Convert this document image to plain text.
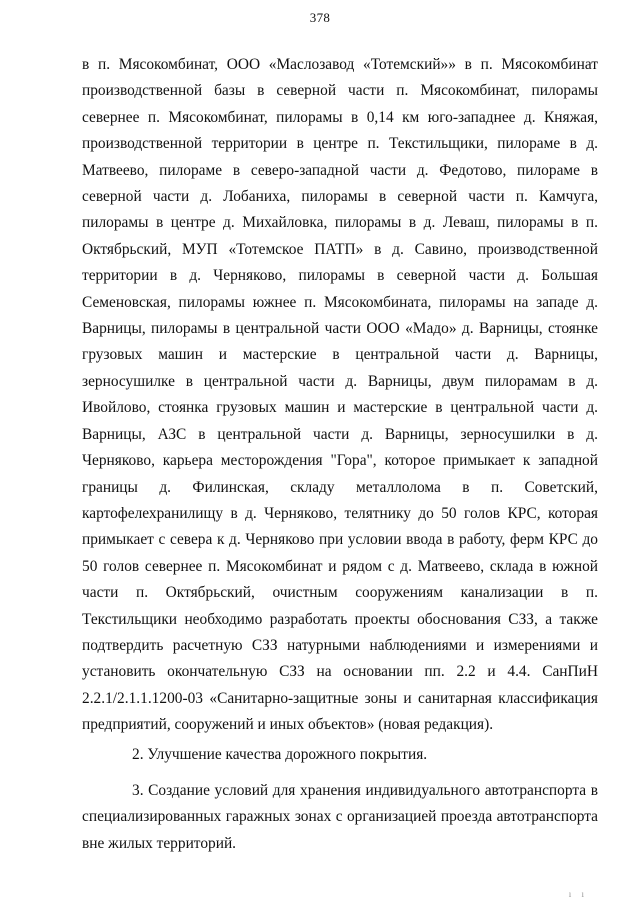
378

в п. Мясокомбинат, ООО «Маслозавод «Тотемский»» в п. Мясокомбинат производственной базы в северной части п. Мясокомбинат, пилорамы севернее п. Мясокомбинат, пилорамы в 0,14 км юго-западнее д. Княжая, производственной территории в центре п. Текстильщики, пилораме в д. Матвеево, пилораме в северо-западной части д. Федотово, пилораме в северной части д. Лобаниха, пилорамы в северной части п. Камчуга, пилорамы в центре д. Михайловка, пилорамы в д. Леваш, пилорамы в п. Октябрьский, МУП «Тотемское ПАТП» в д. Савино, производственной территории в д. Черняково, пилорамы в северной части д. Большая Семеновская, пилорамы южнее п. Мясокомбината, пилорамы на западе д. Варницы, пилорамы в центральной части ООО «Мадо» д. Варницы, стоянке грузовых машин и мастерские в центральной части д. Варницы, зерносушилке в центральной части д. Варницы, двум пилорамам в д. Ивойлово, стоянка грузовых машин и мастерские в центральной части д. Варницы, АЗС в центральной части д. Варницы, зерносушилки в д. Черняково, карьера месторождения "Гора", которое примыкает к западной границы д. Филинская, складу металлолома в п. Советский, картофелехранилищу в д. Черняково, телятнику до 50 голов КРС, которая примыкает с севера к д. Черняково при условии ввода в работу, ферм КРС до 50 голов севернее п. Мясокомбинат и рядом с д. Матвеево, склада в южной части п. Октябрьский, очистным сооружениям канализации в п. Текстильщики необходимо разработать проекты обоснования СЗЗ, а также подтвердить расчетную СЗЗ натурными наблюдениями и измерениями и установить окончательную СЗЗ на основании пп. 2.2 и 4.4. СанПиН 2.2.1/2.1.1.1200-03 «Санитарно-защитные зоны и санитарная классификация предприятий, сооружений и иных объектов» (новая редакция).

2. Улучшение качества дорожного покрытия.

3. Создание условий для хранения индивидуального автотранспорта в специализированных гаражных зонах с организацией проезда автотранспорта вне жилых территорий.

ı ı
